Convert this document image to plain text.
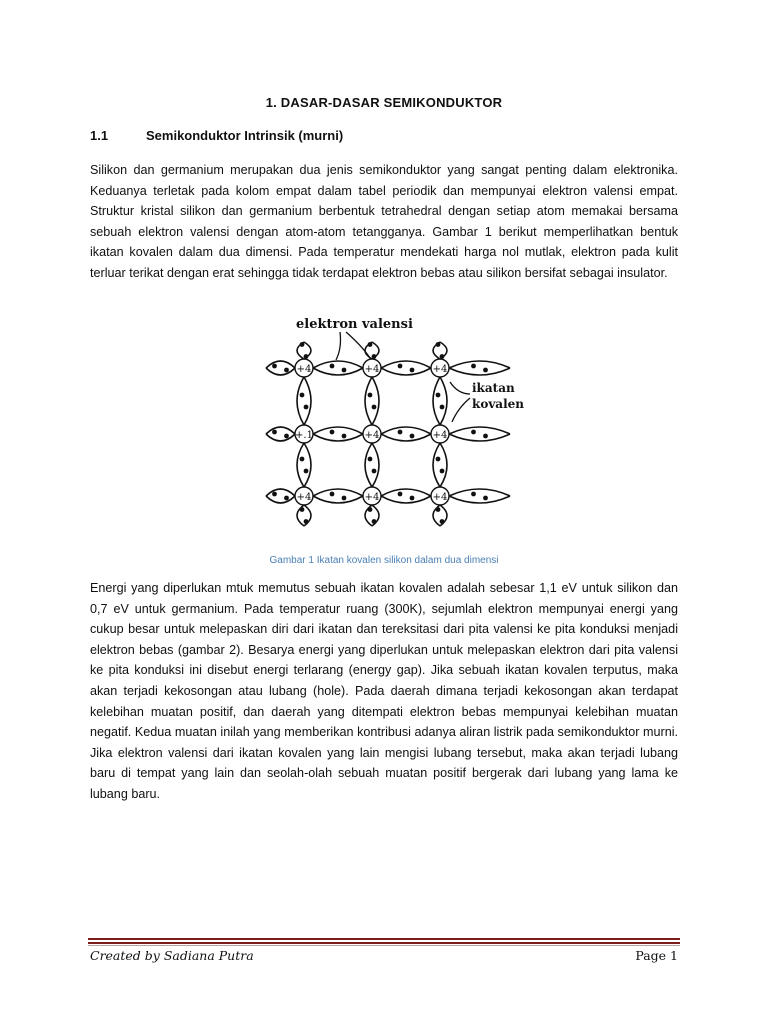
1. DASAR-DASAR SEMIKONDUKTOR
1.1	Semikonduktor Intrinsik (murni)
Silikon dan germanium merupakan dua jenis semikonduktor yang sangat penting dalam elektronika. Keduanya terletak pada kolom empat dalam tabel periodik dan mempunyai elektron valensi empat. Struktur kristal silikon dan germanium berbentuk tetrahedral dengan setiap atom memakai bersama sebuah elektron valensi dengan atom-atom tetangganya. Gambar 1 berikut memperlihatkan bentuk ikatan kovalen dalam dua dimensi. Pada temperatur mendekati harga nol mutlak, elektron pada kulit terluar terikat dengan erat sehingga tidak terdapat elektron bebas atau silikon bersifat sebagai insulator.
+4	+4	+4
+.1	+4	+4
+4	+4	+4
elektron valensi
ikatan
kovalen
Gambar 1 Ikatan kovalen silikon dalam dua dimensi
Energi yang diperlukan mtuk memutus sebuah ikatan kovalen adalah sebesar 1,1 eV untuk silikon dan 0,7 eV untuk germanium. Pada temperatur ruang (300K), sejumlah elektron mempunyai energi yang cukup besar untuk melepaskan diri dari ikatan dan tereksitasi dari pita valensi ke pita konduksi menjadi elektron bebas (gambar 2). Besarya energi yang diperlukan untuk melepaskan elektron dari pita valensi ke pita konduksi ini disebut energi terlarang (energy gap). Jika sebuah ikatan kovalen terputus, maka akan terjadi kekosongan atau lubang (hole). Pada daerah dimana terjadi kekosongan akan terdapat kelebihan muatan positif, dan daerah yang ditempati elektron bebas mempunyai kelebihan muatan negatif. Kedua muatan inilah yang memberikan kontribusi adanya aliran listrik pada semikonduktor murni. Jika elektron valensi dari ikatan kovalen yang lain mengisi lubang tersebut, maka akan terjadi lubang baru di tempat yang lain dan seolah-olah sebuah muatan positif bergerak dari lubang yang lama ke lubang baru.
Created by Sadiana Putra	Page 1
